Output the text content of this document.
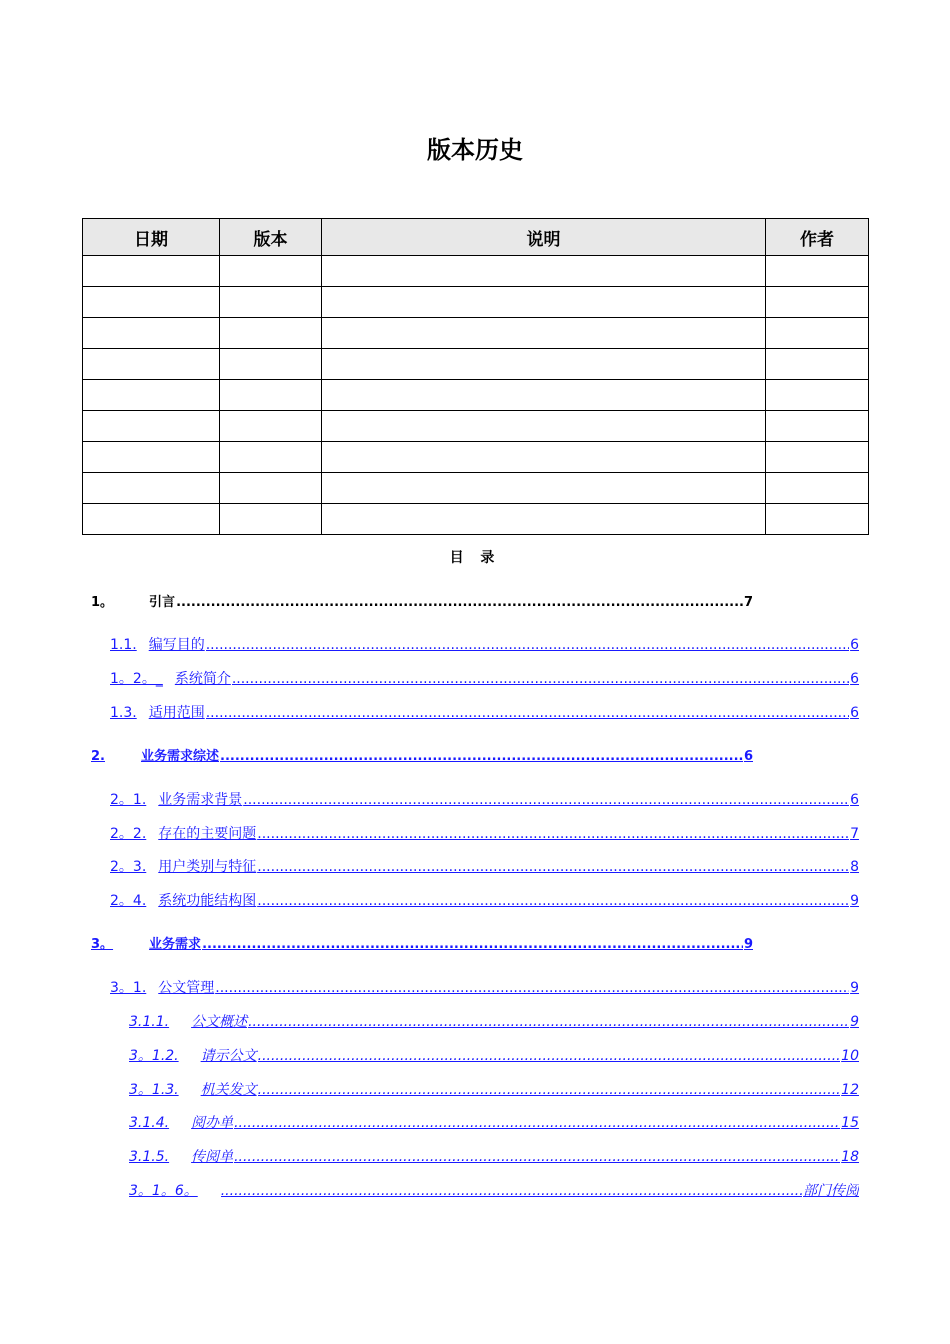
版本历史
日期	版本	说明	作者

目 录
1。	引言 .....	7
1.1. 编写目的 .....	6
1。2。_ 系统简介 .....	6
1.3. 适用范围 .....	6
2.	业务需求综述 .....	6
2。1. 业务需求背景 .....	6
2。2. 存在的主要问题 .....	7
2。3. 用户类别与特征 .....	8
2。4. 系统功能结构图 .....	9
3。	业务需求 .....	9
3。1. 公文管理 .....	9
3.1.1. 公文概述 .....	9
3。1.2. 请示公文 .....	10
3。1.3. 机关发文 .....	12
3.1.4. 阅办单 .....	15
3.1.5. 传阅单 .....	18
3。1。6。 .....	部门传阅
